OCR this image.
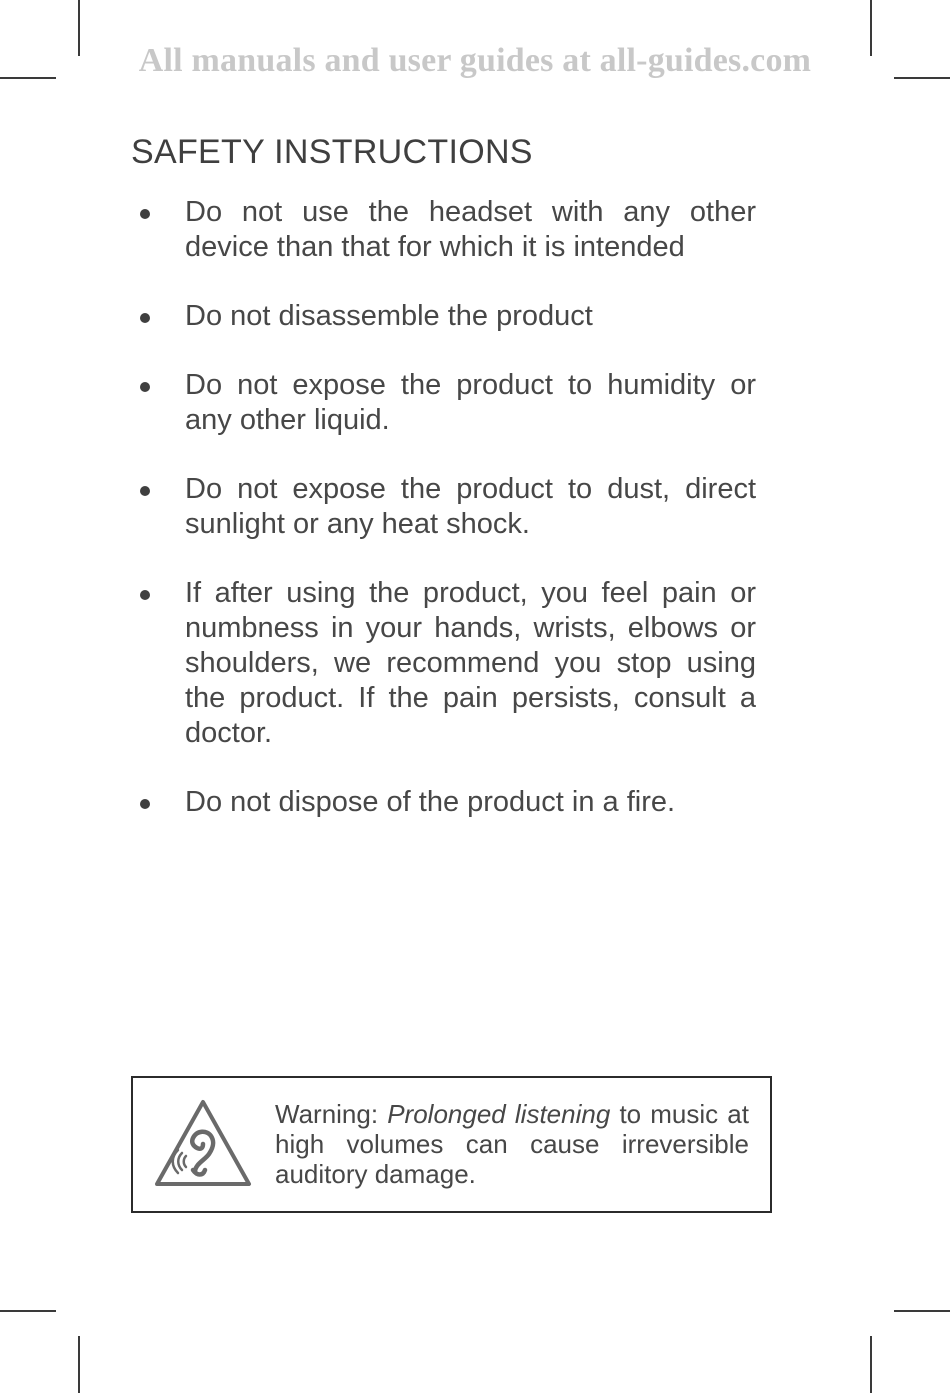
All manuals and user guides at all-guides.com
SAFETY INSTRUCTIONS
Do not use the headset with any other device than that for which it is intended
Do not disassemble the product
Do not expose the product to humidity or any other liquid.
Do not expose the product to dust, direct sunlight or any heat shock.
If after using the product, you feel pain or numbness in your hands, wrists, elbows or shoulders, we recommend you stop using the product. If the pain persists, consult a doctor.
Do not dispose of the product in a fire.
Warning: Prolonged listening to music at high volumes can cause irreversible auditory damage.
